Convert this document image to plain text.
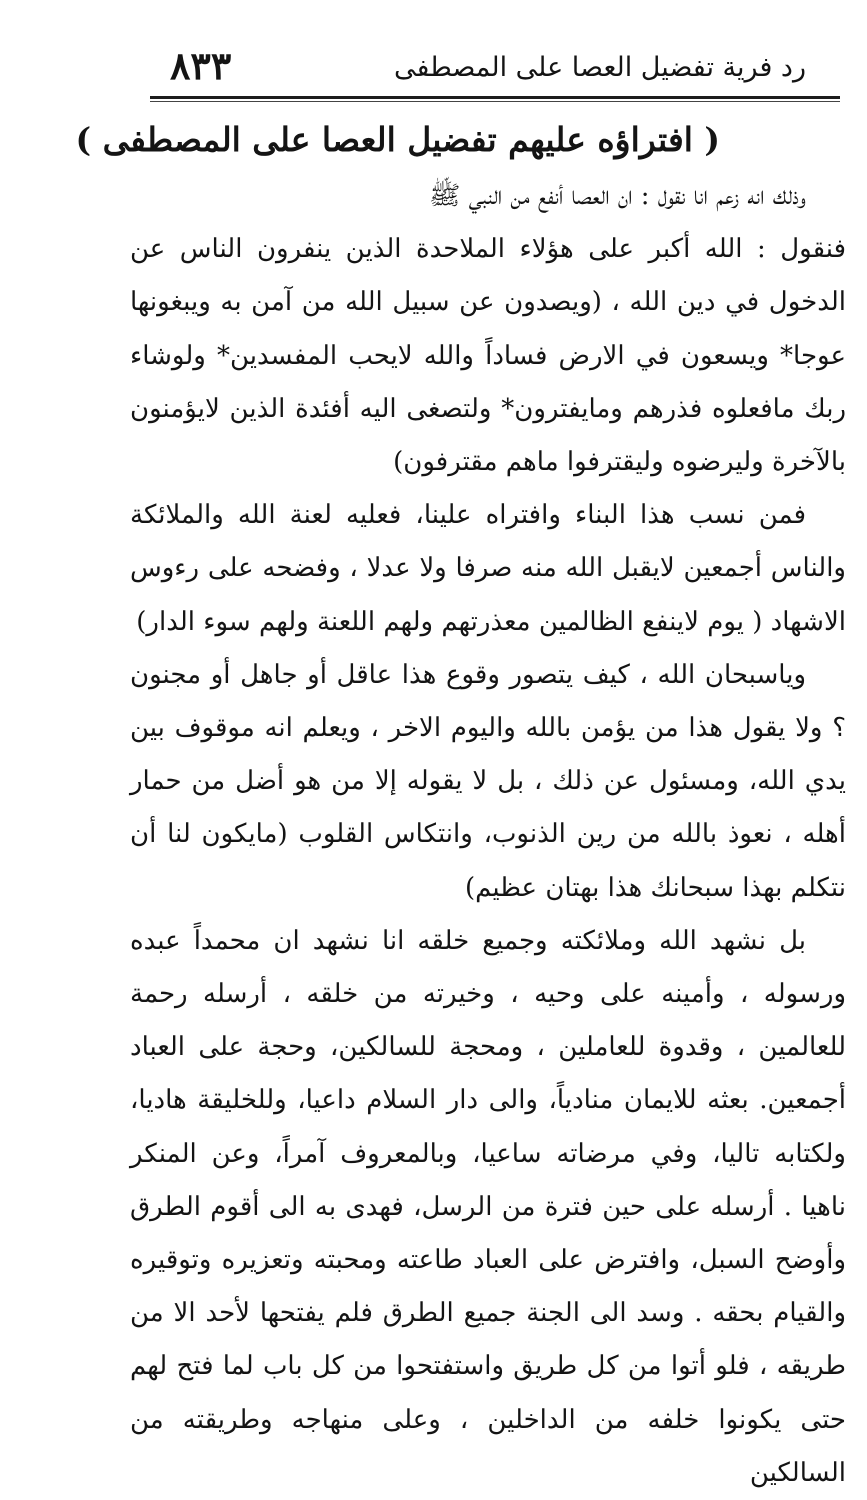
رد فرية تفضيل العصا على المصطفى
٨٣٣
( افتراؤه عليهم تفضيل العصا على المصطفى )

وذلك انه زعم انا نقول : ان العصا أنفع من النبي ﷺ

فنقول : الله أكبر على هؤلاء الملاحدة الذين ينفرون الناس عن الدخول في دين الله ، (ويصدون عن سبيل الله من آمن به ويبغونها عوجا* ويسعون في الارض فساداً والله لايحب المفسدين* ولوشاء ربك مافعلوه فذرهم ومايفترون* ولتصغى اليه أفئدة الذين لايؤمنون بالآخرة وليرضوه وليقترفوا ماهم مقترفون)

فمن نسب هذا البناء وافتراه علينا، فعليه لعنة الله والملائكة والناس أجمعين لايقبل الله منه صرفا ولا عدلا ، وفضحه على رءوس الاشهاد ( يوم لاينفع الظالمين معذرتهم ولهم اللعنة ولهم سوء الدار)

وياسبحان الله ، كيف يتصور وقوع هذا عاقل أو جاهل أو مجنون ؟ ولا يقول هذا من يؤمن بالله واليوم الاخر ، ويعلم انه موقوف بين يدي الله، ومسئول عن ذلك ، بل لا يقوله إلا من هو أضل من حمار أهله ، نعوذ بالله من رين الذنوب، وانتكاس القلوب (مايكون لنا أن نتكلم بهذا سبحانك هذا بهتان عظيم)

بل نشهد الله وملائكته وجميع خلقه انا نشهد ان محمداً عبده ورسوله ، وأمينه على وحيه ، وخيرته من خلقه ، أرسله رحمة للعالمين ، وقدوة للعاملين ، ومحجة للسالكين، وحجة على العباد أجمعين. بعثه للايمان منادياً، والى دار السلام داعيا، وللخليقة هاديا، ولكتابه تاليا، وفي مرضاته ساعيا، وبالمعروف آمراً، وعن المنكر ناهيا . أرسله على حين فترة من الرسل، فهدى به الى أقوم الطرق وأوضح السبل، وافترض على العباد طاعته ومحبته وتعزيره وتوقيره والقيام بحقه . وسد الى الجنة جميع الطرق فلم يفتحها لأحد الا من طريقه ، فلو أتوا من كل طريق واستفتحوا من كل باب لما فتح لهم حتى يكونوا خلفه من الداخلين ، وعلى منهاجه وطريقته من السالكين
